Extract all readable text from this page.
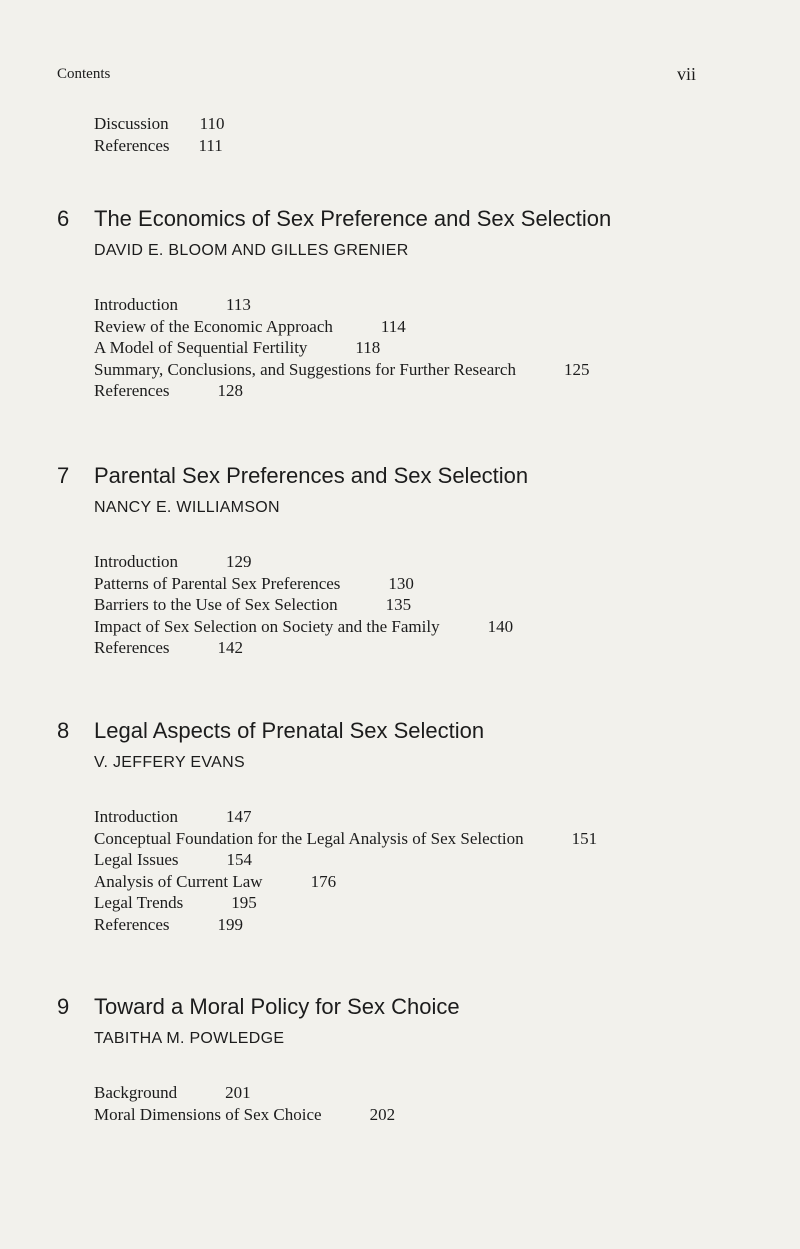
Contents	vii
Discussion 110
References 111
6 The Economics of Sex Preference and Sex Selection
DAVID E. BLOOM AND GILLES GRENIER
Introduction	113
Review of the Economic Approach	114
A Model of Sequential Fertility	118
Summary, Conclusions, and Suggestions for Further Research	125
References	128
7 Parental Sex Preferences and Sex Selection
NANCY E. WILLIAMSON
Introduction	129
Patterns of Parental Sex Preferences	130
Barriers to the Use of Sex Selection	135
Impact of Sex Selection on Society and the Family	140
References	142
8 Legal Aspects of Prenatal Sex Selection
V. JEFFERY EVANS
Introduction	147
Conceptual Foundation for the Legal Analysis of Sex Selection	151
Legal Issues	154
Analysis of Current Law	176
Legal Trends	195
References	199
9 Toward a Moral Policy for Sex Choice
TABITHA M. POWLEDGE
Background	201
Moral Dimensions of Sex Choice	202
